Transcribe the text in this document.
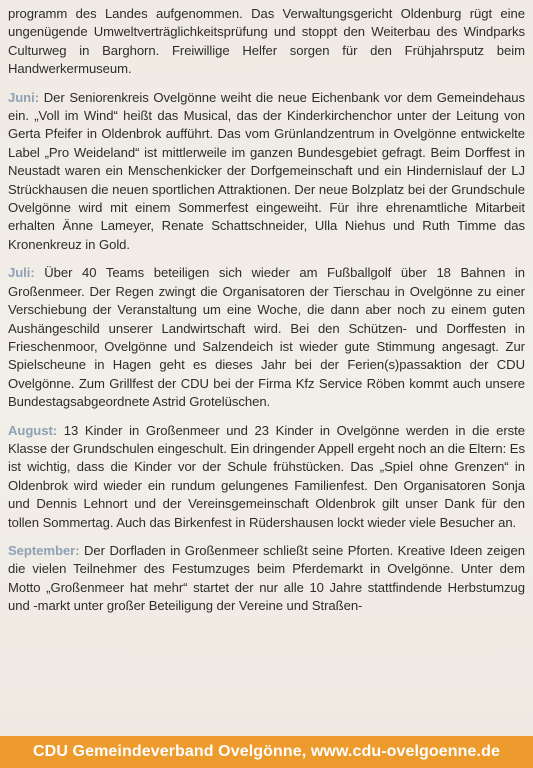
programm des Landes aufgenommen. Das Verwaltungsgericht Oldenburg rügt eine ungenügende Umweltverträglichkeitsprüfung und stoppt den Weiterbau des Windparks Culturweg in Barghorn. Freiwillige Helfer sorgen für den Frühjahrsputz beim Handwerkermuseum.

Juni: Der Seniorenkreis Ovelgönne weiht die neue Eichenbank vor dem Gemeindehaus ein. „Voll im Wind“ heißt das Musical, das der Kinderkirchenchor unter der Leitung von Gerta Pfeifer in Oldenbrok aufführt. Das vom Grünlandzentrum in Ovelgönne entwickelte Label „Pro Weideland“ ist mittlerweile im ganzen Bundesgebiet gefragt. Beim Dorffest in Neustadt waren ein Menschenkicker der Dorfgemeinschaft und ein Hindernislauf der LJ Strückhausen die neuen sportlichen Attraktionen. Der neue Bolzplatz bei der Grundschule Ovelgönne wird mit einem Sommerfest eingeweiht. Für ihre ehrenamtliche Mitarbeit erhalten Änne Lameyer, Renate Schattschneider, Ulla Niehus und Ruth Timme das Kronenkreuz in Gold.

Juli: Über 40 Teams beteiligen sich wieder am Fußballgolf über 18 Bahnen in Großenmeer. Der Regen zwingt die Organisatoren der Tierschau in Ovelgönne zu einer Verschiebung der Veranstaltung um eine Woche, die dann aber noch zu einem guten Aushängeschild unserer Landwirtschaft wird. Bei den Schützen- und Dorffesten in Frieschenmoor, Ovelgönne und Salzendeich ist wieder gute Stimmung angesagt. Zur Spielscheune in Hagen geht es dieses Jahr bei der Ferien(s)passaktion der CDU Ovelgönne. Zum Grillfest der CDU bei der Firma Kfz Service Röben kommt auch unsere Bundestagsabgeordnete Astrid Grotelüschen.

August: 13 Kinder in Großenmeer und 23 Kinder in Ovelgönne werden in die erste Klasse der Grundschulen eingeschult. Ein dringender Appell ergeht noch an die Eltern: Es ist wichtig, dass die Kinder vor der Schule frühstücken. Das „Spiel ohne Grenzen“ in Oldenbrok wird wieder ein rundum gelungenes Familienfest. Den Organisatoren Sonja und Dennis Lehnort und der Vereinsgemeinschaft Oldenbrok gilt unser Dank für den tollen Sommertag. Auch das Birkenfest in Rüdershausen lockt wieder viele Besucher an.

September: Der Dorfladen in Großenmeer schließt seine Pforten. Kreative Ideen zeigen die vielen Teilnehmer des Festumzuges beim Pferdemarkt in Ovelgönne. Unter dem Motto „Großenmeer hat mehr“ startet der nur alle 10 Jahre stattfindende Herbstumzug und -markt unter großer Beteiligung der Vereine und Straßen-

CDU Gemeindeverband Ovelgönne, www.cdu-ovelgoenne.de
